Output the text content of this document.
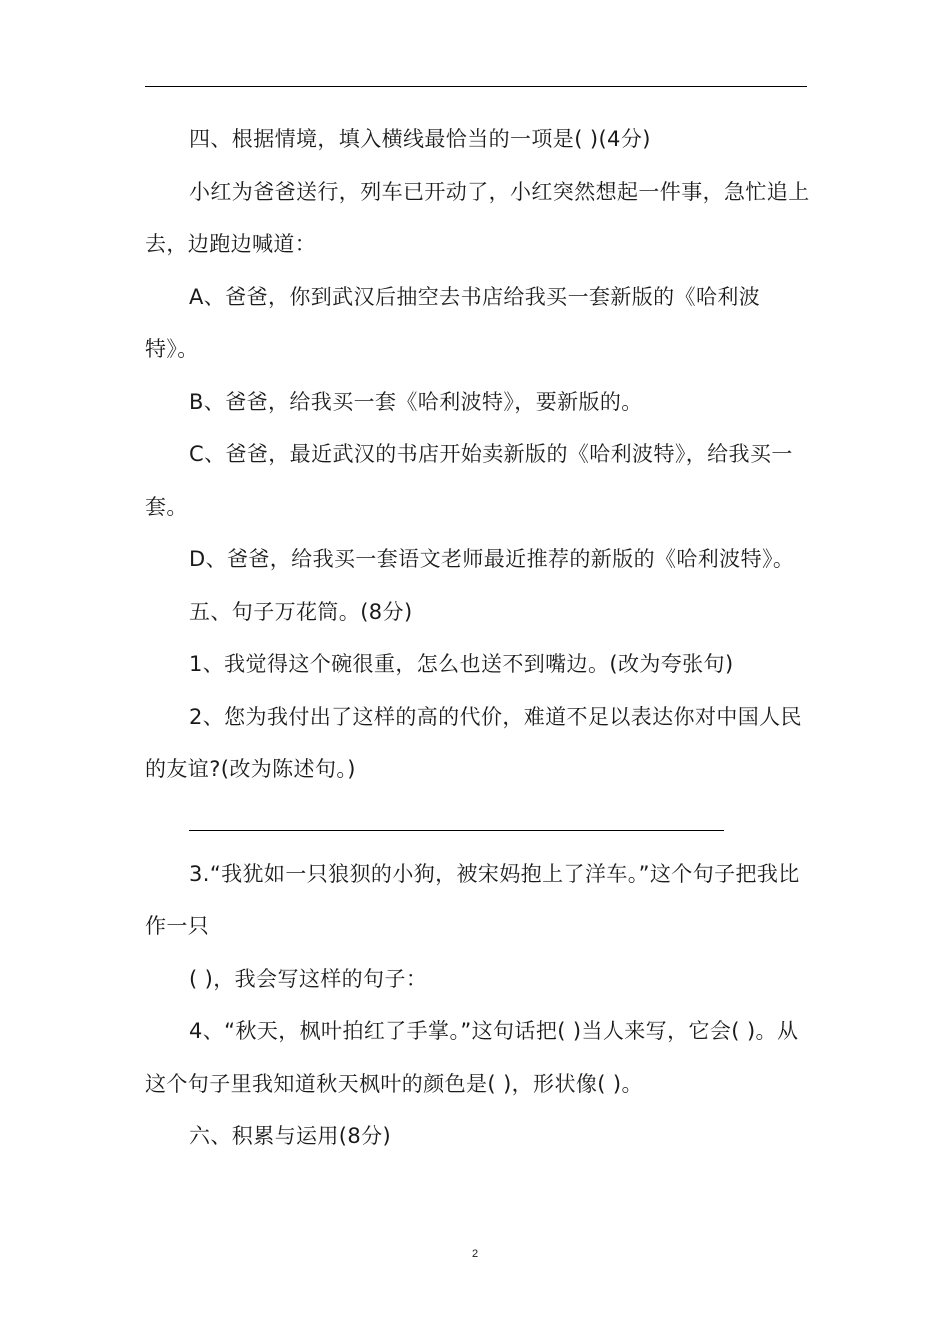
四、根据情境，填入横线最恰当的一项是( )(4分)

小红为爸爸送行，列车已开动了，小红突然想起一件事，急忙追上去，边跑边喊道：

A、爸爸，你到武汉后抽空去书店给我买一套新版的《哈利波特》。

B、爸爸，给我买一套《哈利波特》，要新版的。

C、爸爸，最近武汉的书店开始卖新版的《哈利波特》，给我买一套。

D、爸爸，给我买一套语文老师最近推荐的新版的《哈利波特》。

五、句子万花筒。(8分)

1、我觉得这个碗很重，怎么也送不到嘴边。(改为夸张句)

2、您为我付出了这样的高的代价，难道不足以表达你对中国人民的友谊?(改为陈述句。)

3.“我犹如一只狼狈的小狗，被宋妈抱上了洋车。”这个句子把我比作一只

( )，我会写这样的句子：

4、“秋天，枫叶拍红了手掌。”这句话把( )当人来写，它会( )。从这个句子里我知道秋天枫叶的颜色是( )，形状像( )。

六、积累与运用(8分)

2
